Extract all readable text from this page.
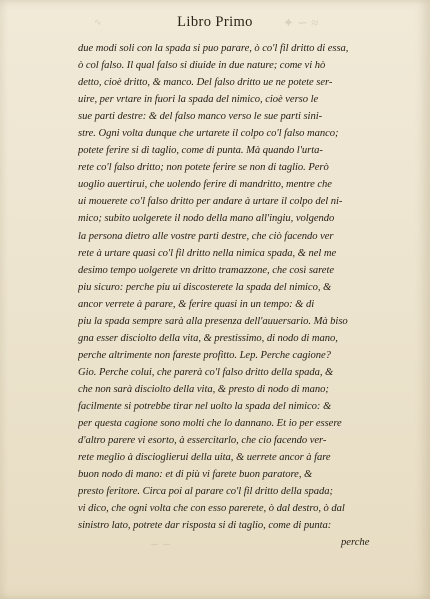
✦ ∽ ≈
∿
∽ ∽
Libro Primo
due modi soli con la spada si puo parare, ò co'l fil dritto di essa,
ò col falso. Il qual falso si diuide in due nature; come vi hò
detto, cioè dritto, & manco. Del falso dritto ue ne potete ser-
uire, per vrtare in fuori la spada del nimico, cioè verso le
sue parti destre: & del falso manco verso le sue parti sini-
stre. Ogni volta dunque che urtarete il colpo co'l falso manco;
potete ferire si di taglio, come di punta. Mà quando l'urta-
rete co'l falso dritto; non potete ferire se non di taglio. Però
uoglio auertirui, che uolendo ferire di mandritto, mentre che
ui mouerete co'l falso dritto per andare à urtare il colpo del ni-
mico; subito uolgerete il nodo della mano all'ingiu, volgendo
la persona dietro alle vostre parti destre, che ciò facendo ver
rete à urtare quasi co'l fil dritto nella nimica spada, & nel me
desimo tempo uolgerete vn dritto tramazzone, che così sarete
piu sicuro: perche piu ui discosterete la spada del nimico, &
ancor verrete à parare, & ferire quasi in un tempo: & di
piu la spada sempre sarà alla presenza dell'auuersario. Mà biso
gna esser disciolto della vita, & prestissimo, di nodo di mano,
perche altrimente non fareste profitto. Lep. Perche cagione?
Gio. Perche colui, che parerà co'l falso dritto della spada, &
che non sarà disciolto della vita, & presto di nodo di mano;
facilmente si potrebbe tirar nel uolto la spada del nimico: &
per questa cagione sono molti che lo dannano. Et io per essere
d'altro parere vi esorto, à essercitarlo, che cio facendo ver-
rete meglio à discioglierui della uita, & uerrete ancor à fare
buon nodo di mano: et di più vi farete buon paratore, &
presto feritore. Circa poi al parare co'l fil dritto della spada;
vi dico, che ogni volta che con esso parerete, ò dal destro, ò dal
sinistro lato, potrete dar risposta si di taglio, come di punta:
perche
